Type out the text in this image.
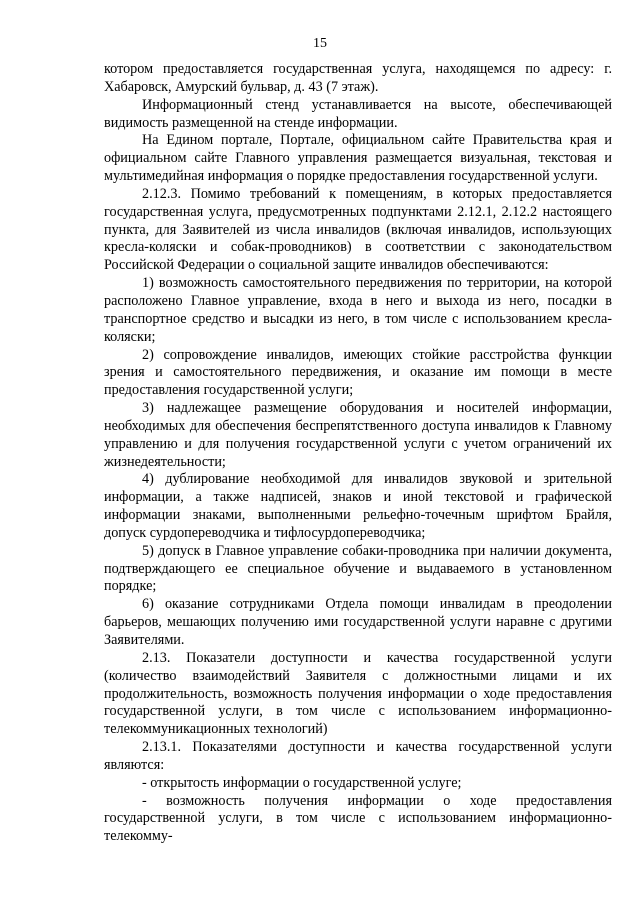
15

котором предоставляется государственная услуга, находящемся по адресу: г. Хабаровск, Амурский бульвар, д. 43 (7 этаж).

Информационный стенд устанавливается на высоте, обеспечивающей видимость размещенной на стенде информации.

На Едином портале, Портале, официальном сайте Правительства края и официальном сайте Главного управления размещается визуальная, текстовая и мультимедийная информация о порядке предоставления государственной услуги.

2.12.3. Помимо требований к помещениям, в которых предоставляется государственная услуга, предусмотренных подпунктами 2.12.1, 2.12.2 настоящего пункта, для Заявителей из числа инвалидов (включая инвалидов, использующих кресла-коляски и собак-проводников) в соответствии с законодательством Российской Федерации о социальной защите инвалидов обеспечиваются:

1) возможность самостоятельного передвижения по территории, на которой расположено Главное управление, входа в него и выхода из него, посадки в транспортное средство и высадки из него, в том числе с использованием кресла-коляски;

2) сопровождение инвалидов, имеющих стойкие расстройства функции зрения и самостоятельного передвижения, и оказание им помощи в месте предоставления государственной услуги;

3) надлежащее размещение оборудования и носителей информации, необходимых для обеспечения беспрепятственного доступа инвалидов к Главному управлению и для получения государственной услуги с учетом ограничений их жизнедеятельности;

4) дублирование необходимой для инвалидов звуковой и зрительной информации, а также надписей, знаков и иной текстовой и графической информации знаками, выполненными рельефно-точечным шрифтом Брайля, допуск сурдопереводчика и тифлосурдопереводчика;

5) допуск в Главное управление собаки-проводника при наличии документа, подтверждающего ее специальное обучение и выдаваемого в установленном порядке;

6) оказание сотрудниками Отдела помощи инвалидам в преодолении барьеров, мешающих получению ими государственной услуги наравне с другими Заявителями.

2.13. Показатели доступности и качества государственной услуги (количество взаимодействий Заявителя с должностными лицами и их продолжительность, возможность получения информации о ходе предоставления государственной услуги, в том числе с использованием информационно-телекоммуникационных технологий)

2.13.1. Показателями доступности и качества государственной услуги являются:

- открытость информации о государственной услуге;

- возможность получения информации о ходе предоставления государственной услуги, в том числе с использованием информационно-телекомму-
